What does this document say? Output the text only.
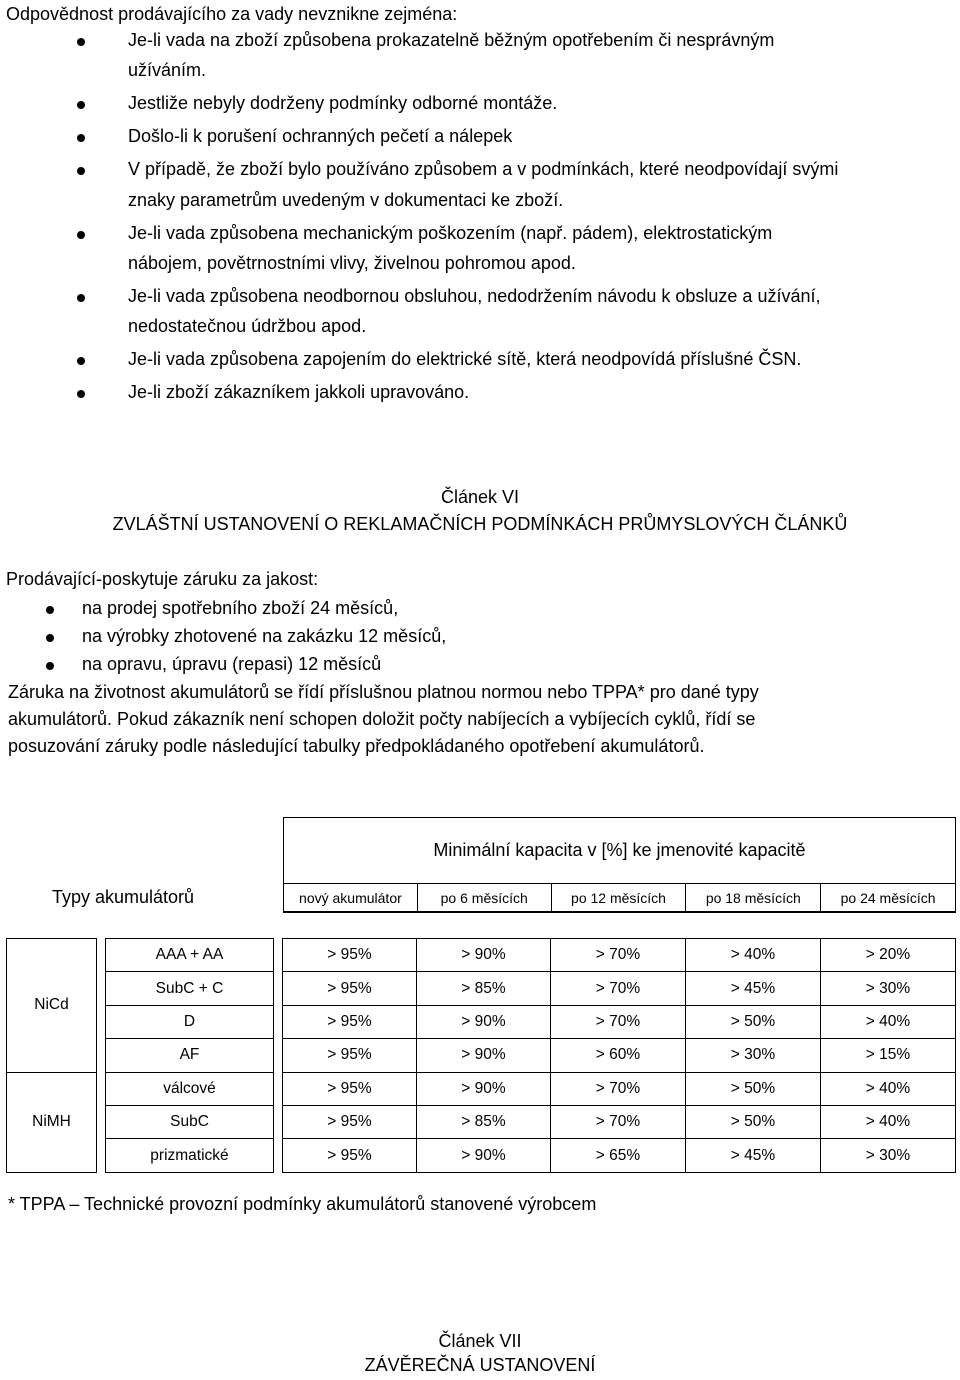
Odpovědnost prodávajícího za vady nevznikne zejména:
Je-li vada na zboží způsobena prokazatelně běžným opotřebením či nesprávným
užíváním.
Jestliže nebyly dodrženy podmínky odborné montáže.
Došlo-li k porušení ochranných pečetí a nálepek
V případě, že zboží bylo používáno způsobem a v podmínkách, které neodpovídají svými
znaky parametrům uvedeným v dokumentaci ke zboží.
Je-li vada způsobena mechanickým poškozením (např. pádem), elektrostatickým
nábojem, povětrnostními vlivy, živelnou pohromou apod.
Je-li vada způsobena neodbornou obsluhou, nedodržením návodu k obsluze a užívání,
nedostatečnou údržbou apod.
Je-li vada způsobena zapojením do elektrické sítě, která neodpovídá příslušné ČSN.
Je-li zboží zákazníkem jakkoli upravováno.
Článek VI
ZVLÁŠTNÍ USTANOVENÍ O REKLAMAČNÍCH PODMÍNKÁCH PRŮMYSLOVÝCH ČLÁNKŮ
Prodávající-poskytuje záruku za jakost:
na prodej spotřebního zboží 24 měsíců,
na výrobky zhotovené na zakázku 12 měsíců,
na opravu, úpravu (repasi) 12 měsíců
Záruka na životnost akumulátorů se řídí příslušnou platnou normou nebo TPPA* pro dané typy
akumulátorů. Pokud zákazník není schopen doložit počty nabíjecích a vybíjecích cyklů, řídí se
posuzování záruky podle následující tabulky předpokládaného opotřebení akumulátorů.
Minimální kapacita v [%] ke jmenovité kapacitě
Typy akumulátorů	nový akumulátor	po 6 měsících	po 12 měsících	po 18 měsících	po 24 měsících
NiCd		AAA + AA		> 95%	> 90%	> 70%	> 40%	> 20%
		SubC + C		> 95%	> 85%	> 70%	> 45%	> 30%
		D		> 95%	> 90%	> 70%	> 50%	> 40%
		AF		> 95%	> 90%	> 60%	> 30%	> 15%
NiMH		válcové		> 95%	> 90%	> 70%	> 50%	> 40%
		SubC		> 95%	> 85%	> 70%	> 50%	> 40%
		prizmatické		> 95%	> 90%	> 65%	> 45%	> 30%
* TPPA – Technické provozní podmínky akumulátorů stanovené výrobcem
Článek VII
ZÁVĚREČNÁ USTANOVENÍ
